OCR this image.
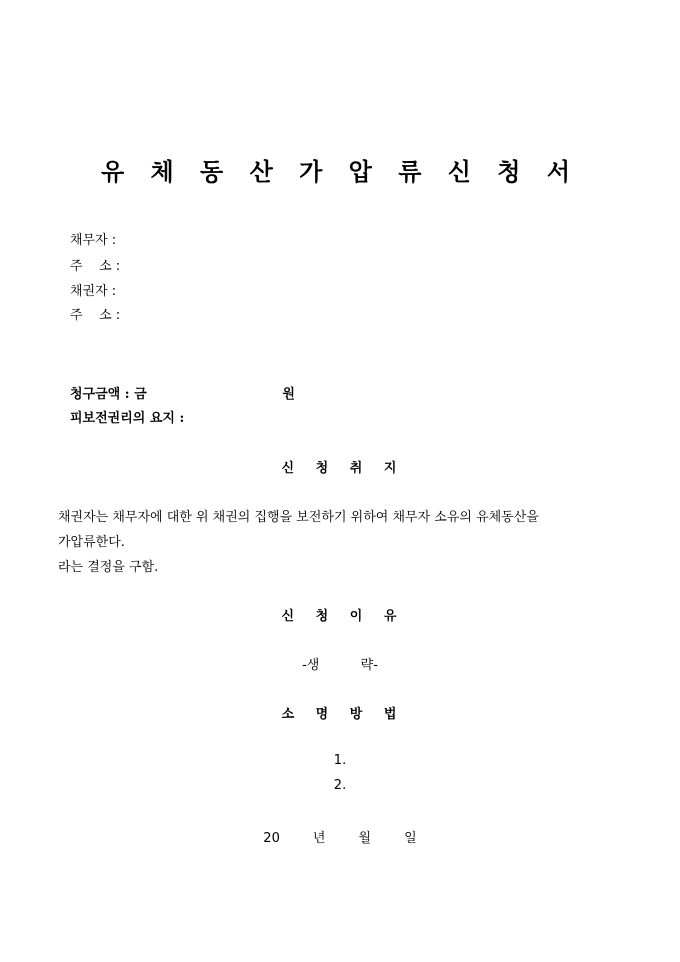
유 체 동 산 가 압 류 신 청 서
채무자 :
주    소 :
채권자 :
주    소 :
청구금액 : 금                              원
피보전권리의 요지 :
신   청   취   지
채권자는 채무자에 대한 위 채권의 집행을 보전하기 위하여 채무자 소유의 유체동산을
가압류한다.
라는 결정을 구함.
신   청   이   유
-생          략-
소   명   방   법
1.
2.
20        년        월        일
